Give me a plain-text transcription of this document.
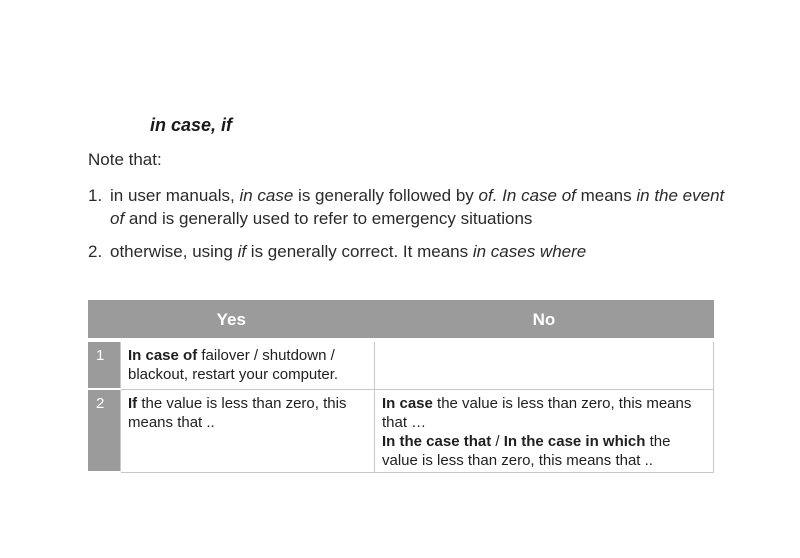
in case, if
Note that:
1. in user manuals, in case is generally followed by of. In case of means in the event of and is generally used to refer to emergency situations
2. otherwise, using if is generally correct. It means in cases where
Yes		No
1	In case of failover / shutdown / blackout, restart your computer.	
2	If the value is less than zero, this means that ..	In case the value is less than zero, this means that …
In the case that / In the case in which the value is less than zero, this means that ..
